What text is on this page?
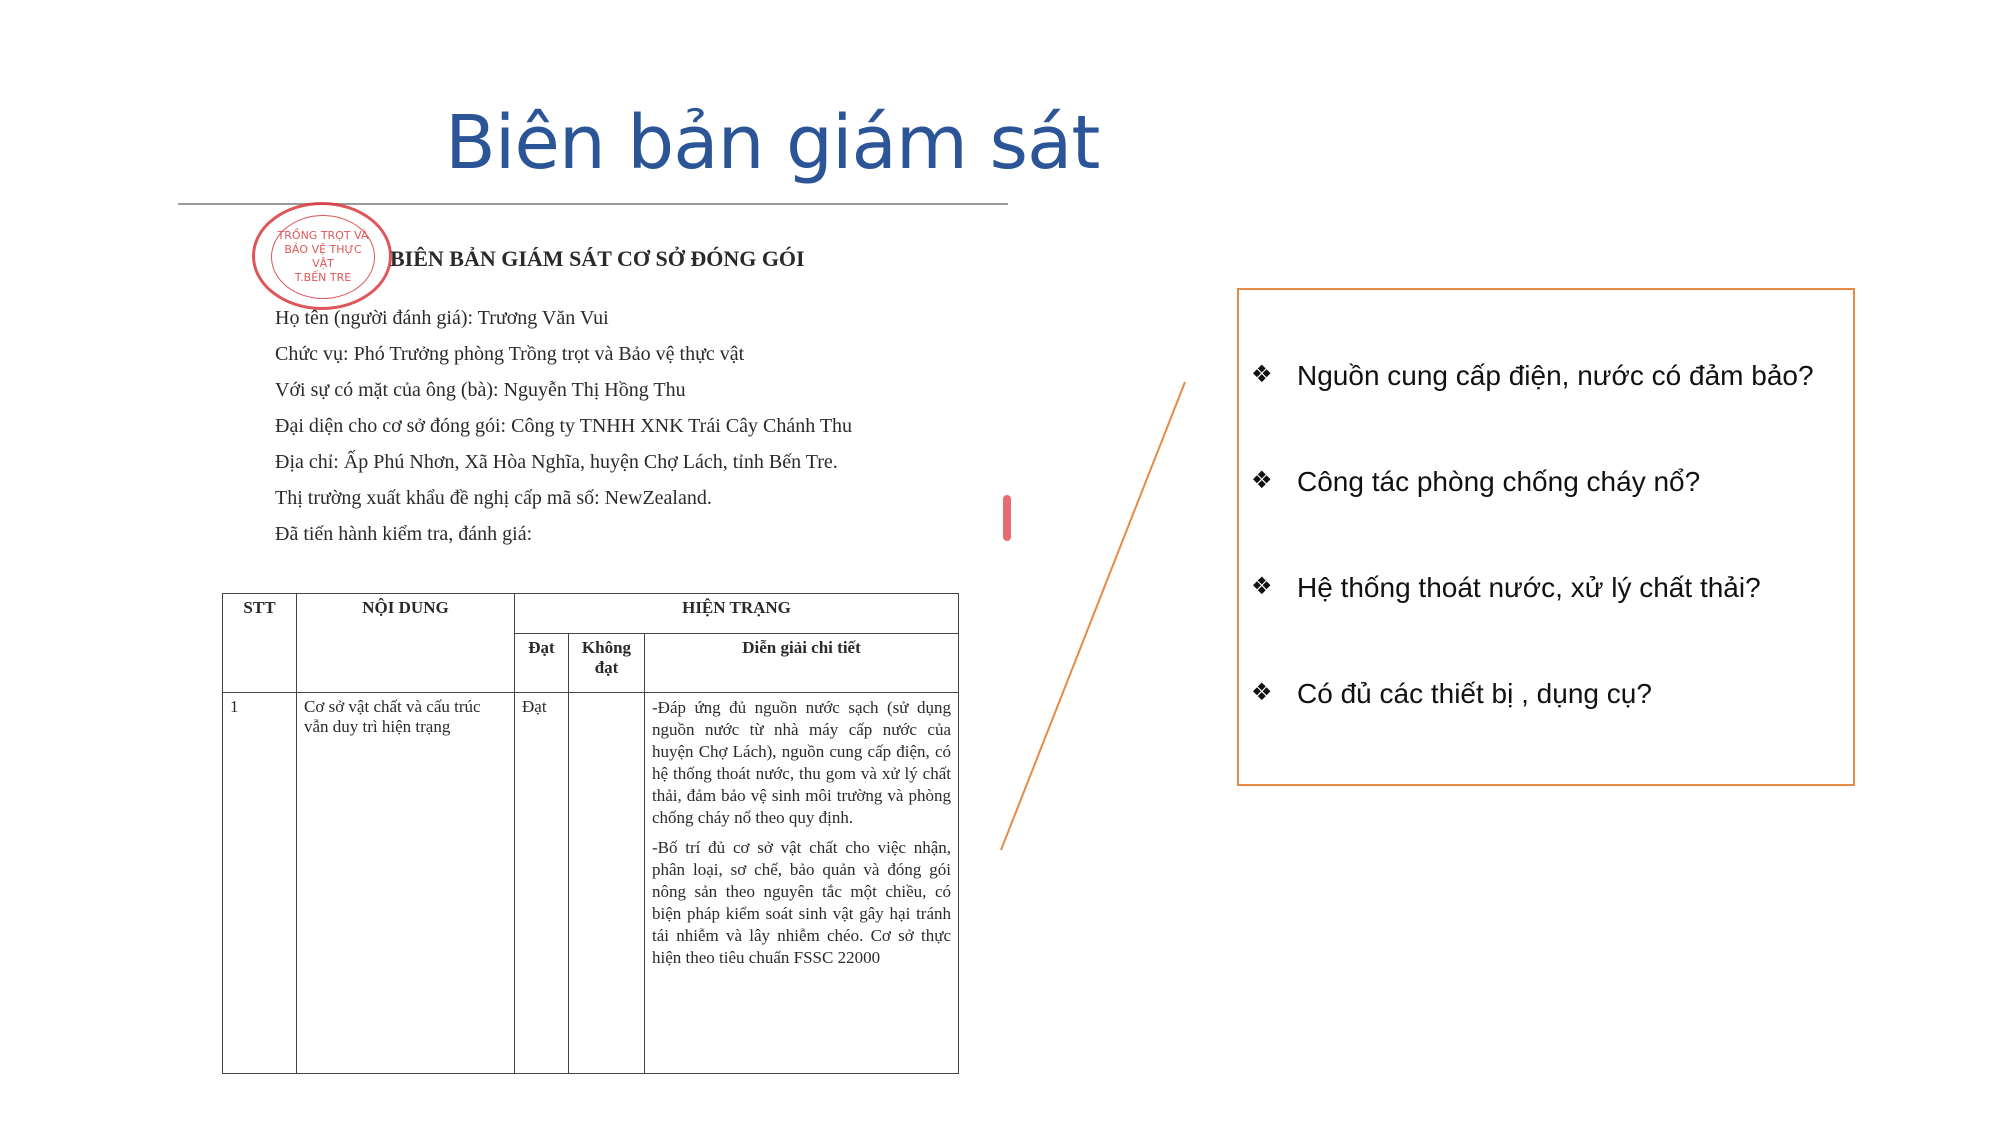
Biên bản giám sát
TRỒNG TRỌT VÀ
BẢO VỆ THỰC VẬT
T.BẾN TRE
BIÊN BẢN GIÁM SÁT CƠ SỞ ĐÓNG GÓI
Họ tên (người đánh giá): Trương Văn Vui
Chức vụ: Phó Trưởng phòng Trồng trọt và Bảo vệ thực vật
Với sự có mặt của ông (bà): Nguyễn Thị Hồng Thu
Đại diện cho cơ sở đóng gói: Công ty TNHH XNK Trái Cây Chánh Thu
Địa chỉ: Ấp Phú Nhơn, Xã Hòa Nghĩa, huyện Chợ Lách, tỉnh Bến Tre.
Thị trường xuất khẩu đề nghị cấp mã số: NewZealand.
Đã tiến hành kiểm tra, đánh giá:
STT	NỘI DUNG	HIỆN TRẠNG		
		Đạt	Không đạt	Diễn giải chi tiết
1	Cơ sở vật chất và cấu trúc vẫn duy trì hiện trạng	Đạt		-Đáp ứng đủ nguồn nước sạch (sử dụng nguồn nước từ nhà máy cấp nước của huyện Chợ Lách), nguồn cung cấp điện, có hệ thống thoát nước, thu gom và xử lý chất thải, đảm bảo vệ sinh môi trường và phòng chống cháy nổ theo quy định.

-Bố trí đủ cơ sở vật chất cho việc nhận, phân loại, sơ chế, bảo quản và đóng gói nông sản theo nguyên tắc một chiều, có biện pháp kiểm soát sinh vật gây hại tránh tái nhiễm và lây nhiễm chéo. Cơ sở thực hiện theo tiêu chuẩn FSSC 22000

❖ Nguồn cung cấp điện, nước có đảm bảo?
❖ Công tác phòng chống cháy nổ?
❖ Hệ thống thoát nước, xử lý chất thải?
❖ Có đủ các thiết bị , dụng cụ?
